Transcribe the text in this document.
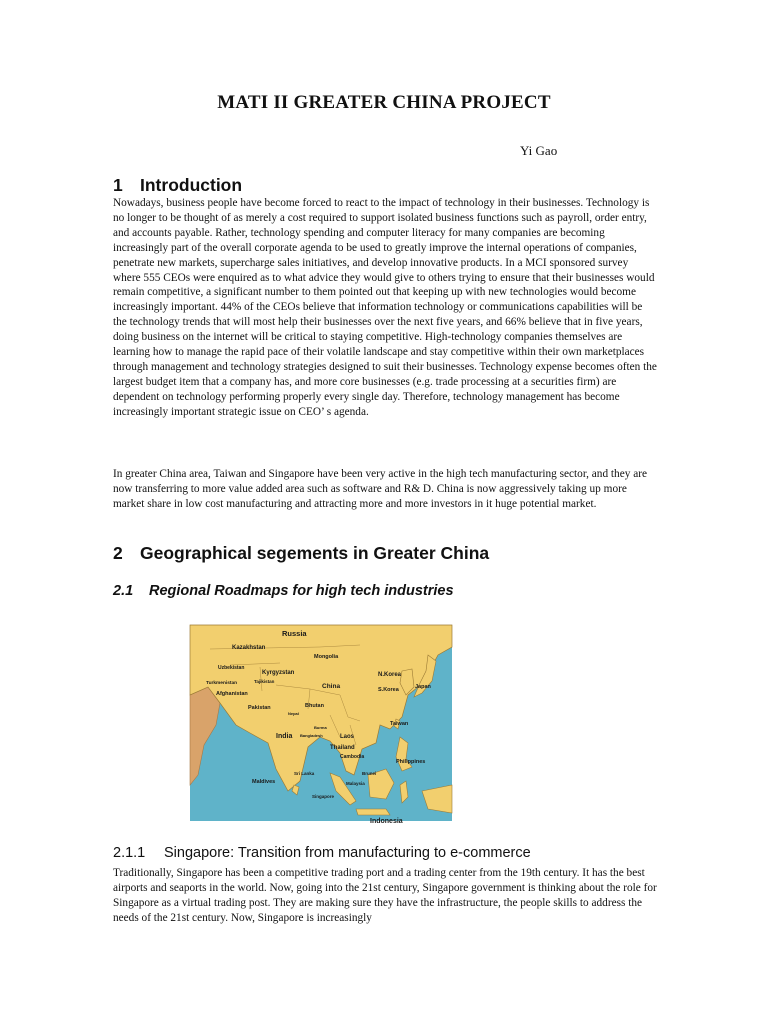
MATI II GREATER CHINA PROJECT
Yi Gao
1 Introduction

Nowadays, business people have become forced to react to the impact of technology in their businesses. Technology is no longer to be thought of as merely a cost required to support isolated business functions such as payroll, order entry, and accounts payable. Rather, technology spending and computer literacy for many companies are becoming increasingly part of the overall corporate agenda to be used to greatly improve the internal operations of companies, penetrate new markets, supercharge sales initiatives, and develop innovative products. In a MCI sponsored survey where 555 CEOs were enquired as to what advice they would give to others trying to ensure that their businesses would remain competitive, a significant number to them pointed out that keeping up with new technologies would become increasingly important. 44% of the CEOs believe that information technology or communications capabilities will be the technology trends that will most help their businesses over the next five years, and 66% believe that in five years, doing business on the internet will be critical to staying competitive. High-technology companies themselves are learning how to manage the rapid pace of their volatile landscape and stay competitive within their own marketplaces through management and technology strategies designed to suit their businesses. Technology expense becomes often the largest budget item that a company has, and more core businesses (e.g. trade processing at a securities firm) are dependent on technology performing properly every single day. Therefore, technology management has become increasingly important strategic issue on CEO’ s agenda.

In greater China area, Taiwan and Singapore have been very active in the high tech manufacturing sector, and they are now transferring to more value added area such as software and R& D. China is now aggressively taking up more market share in low cost manufacturing and attracting more and more investors in it huge potential market.

2 Geographical segements in Greater China
2.1 Regional Roadmaps for high tech industries
Russia
Kazakhstan
Mongolia
Uzbekistan
Kyrgyzstan
Turkmenistan	Tajikistan
Afghanistan
China
N.Korea
S.Korea	Japan
Pakistan	Bhutan
Nepal
India
Burma
Laos
Bangladesh
Thailand
Taiwan
Cambodia
Philippines
Sri Lanka	Brunei
Maldives	Malaysia
Singapore
Indonesia
2.1.1 Singapore: Transition from manufacturing to e-commerce

Traditionally, Singapore has been a competitive trading port and a trading center from the 19th century. It has the best airports and seaports in the world. Now, going into the 21st century, Singapore government is thinking about the role for Singapore as a virtual trading post. They are making sure they have the infrastructure, the people skills to address the needs of the 21st century. Now, Singapore is increasingly
